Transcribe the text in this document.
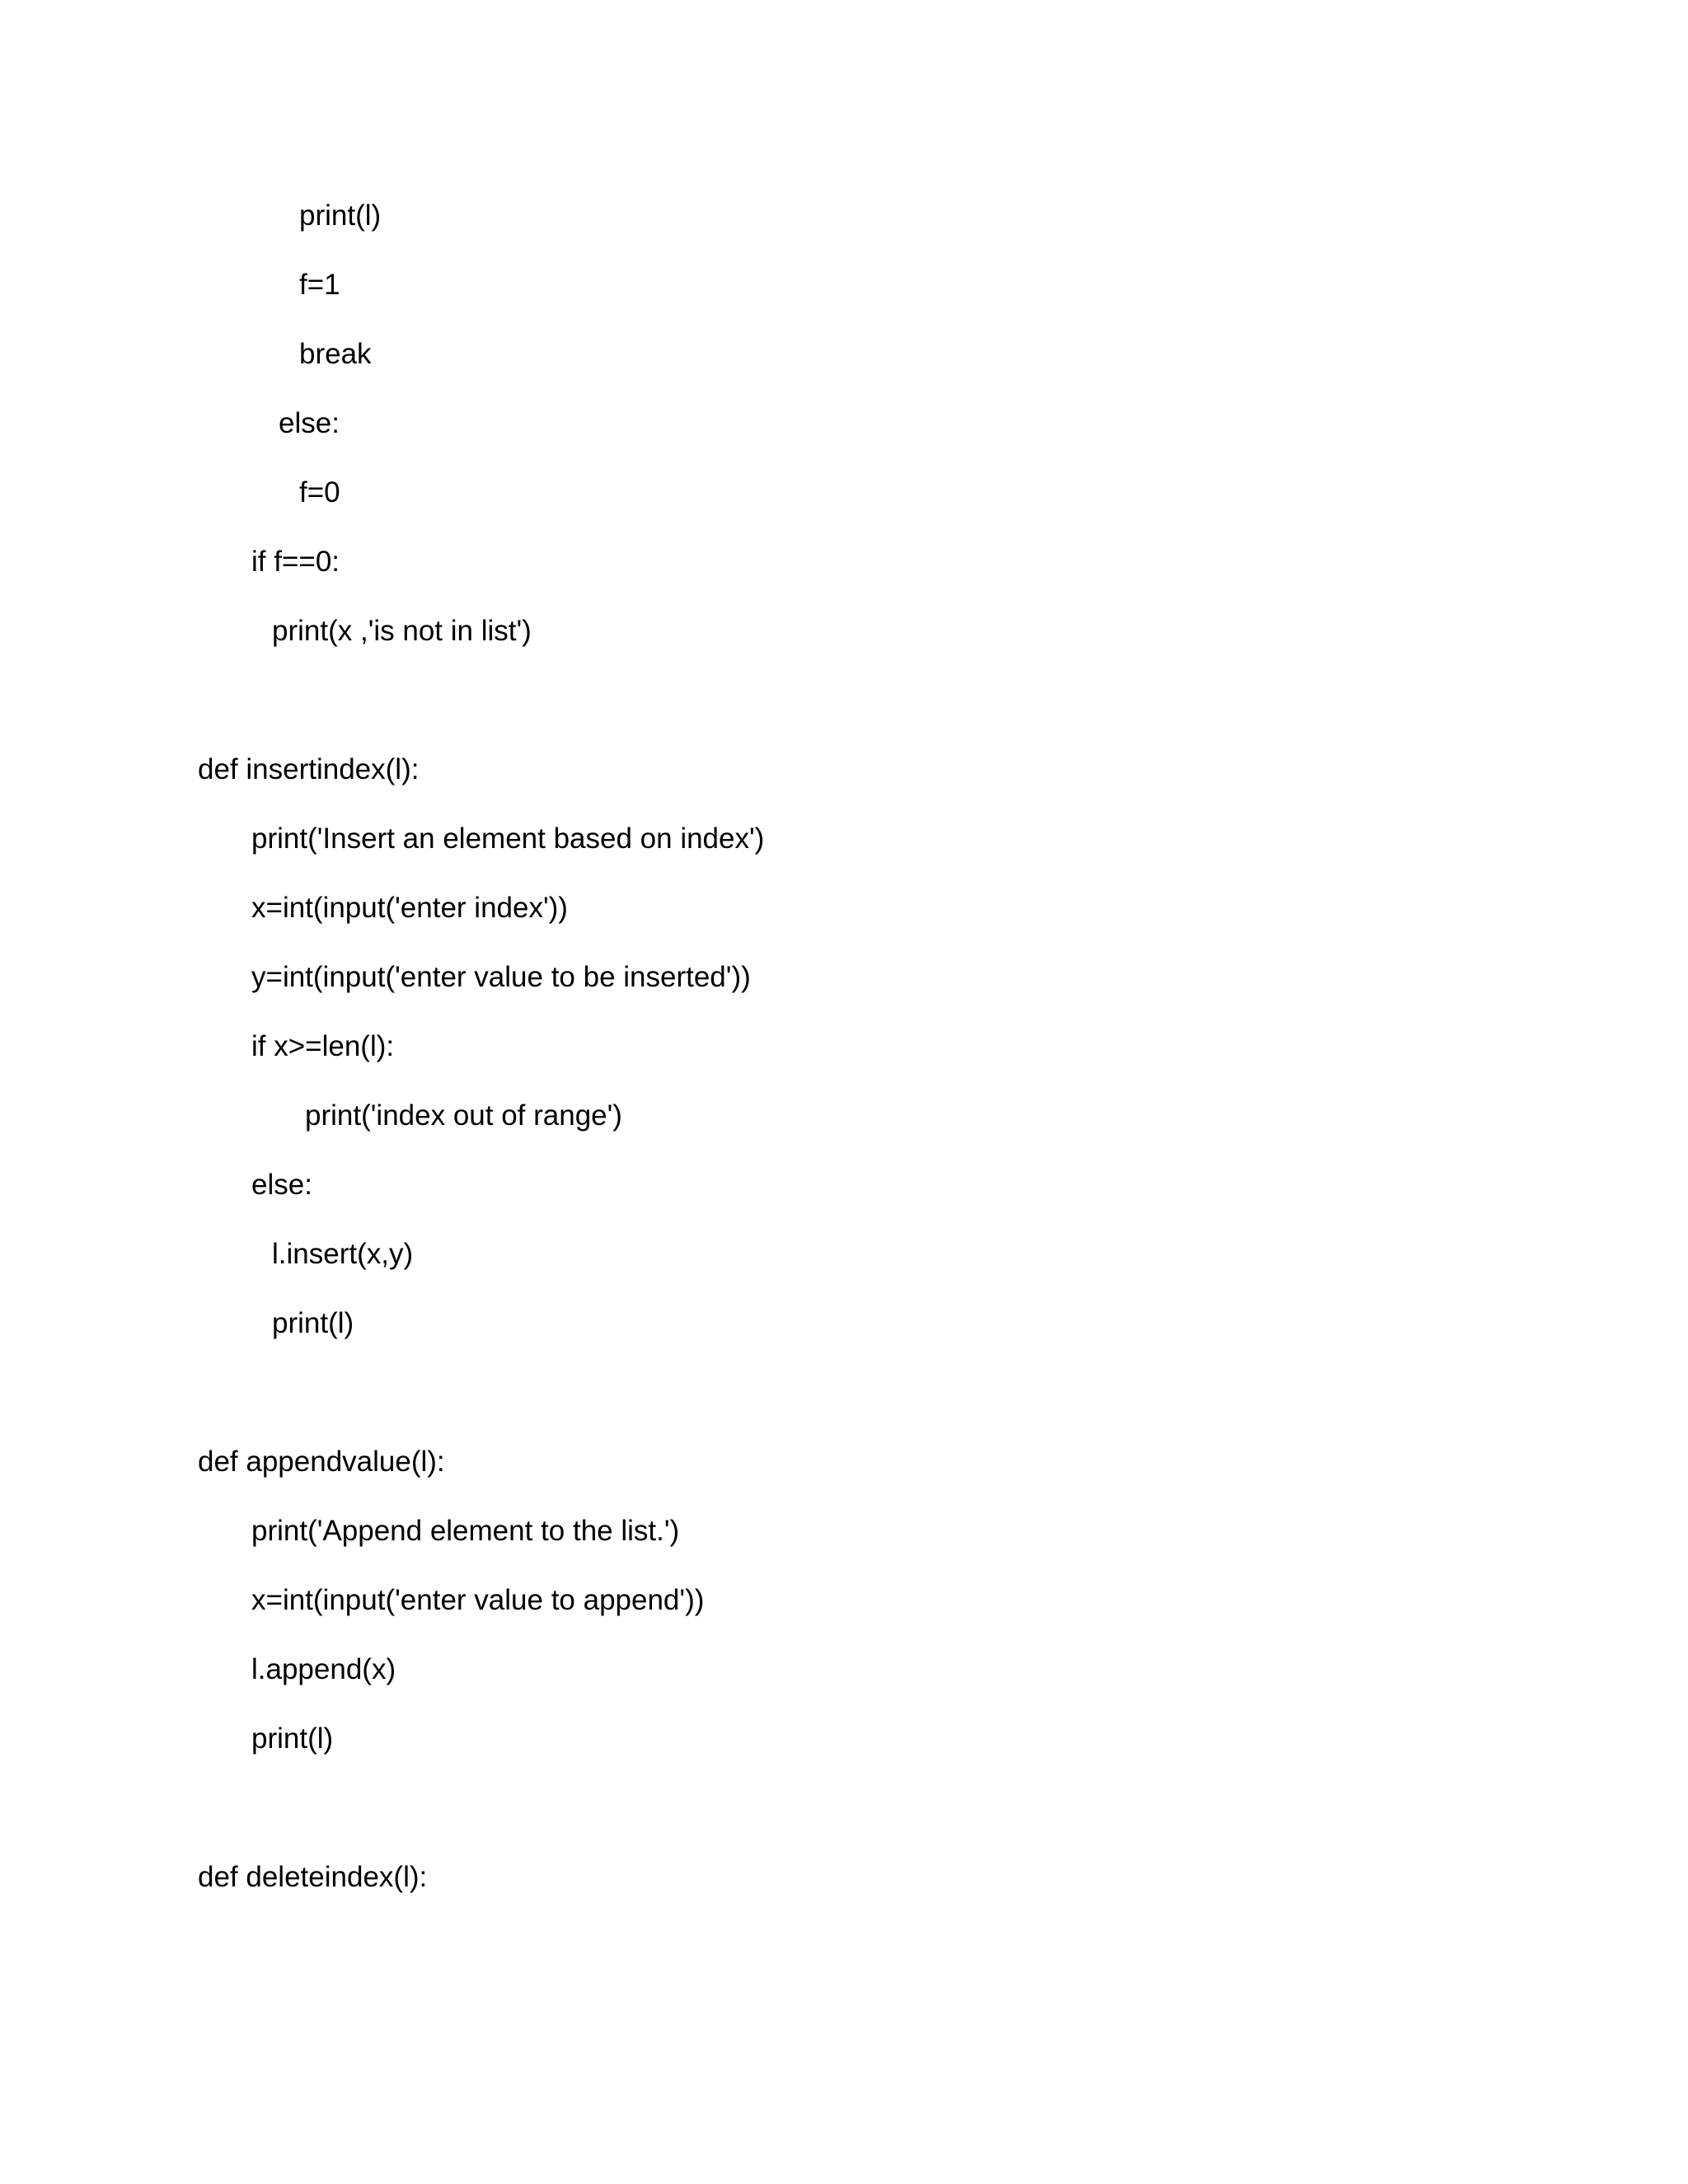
print(l)

f=1

break

else:

f=0

if f==0:

print(x ,'is not in list')

def insertindex(l):

print('Insert an element based on index')

x=int(input('enter index'))

y=int(input('enter value to be inserted'))

if x>=len(l):

print('index out of range')

else:

l.insert(x,y)

print(l)

def appendvalue(l):

print('Append element to the list.')

x=int(input('enter value to append'))

l.append(x)

print(l)

def deleteindex(l):
